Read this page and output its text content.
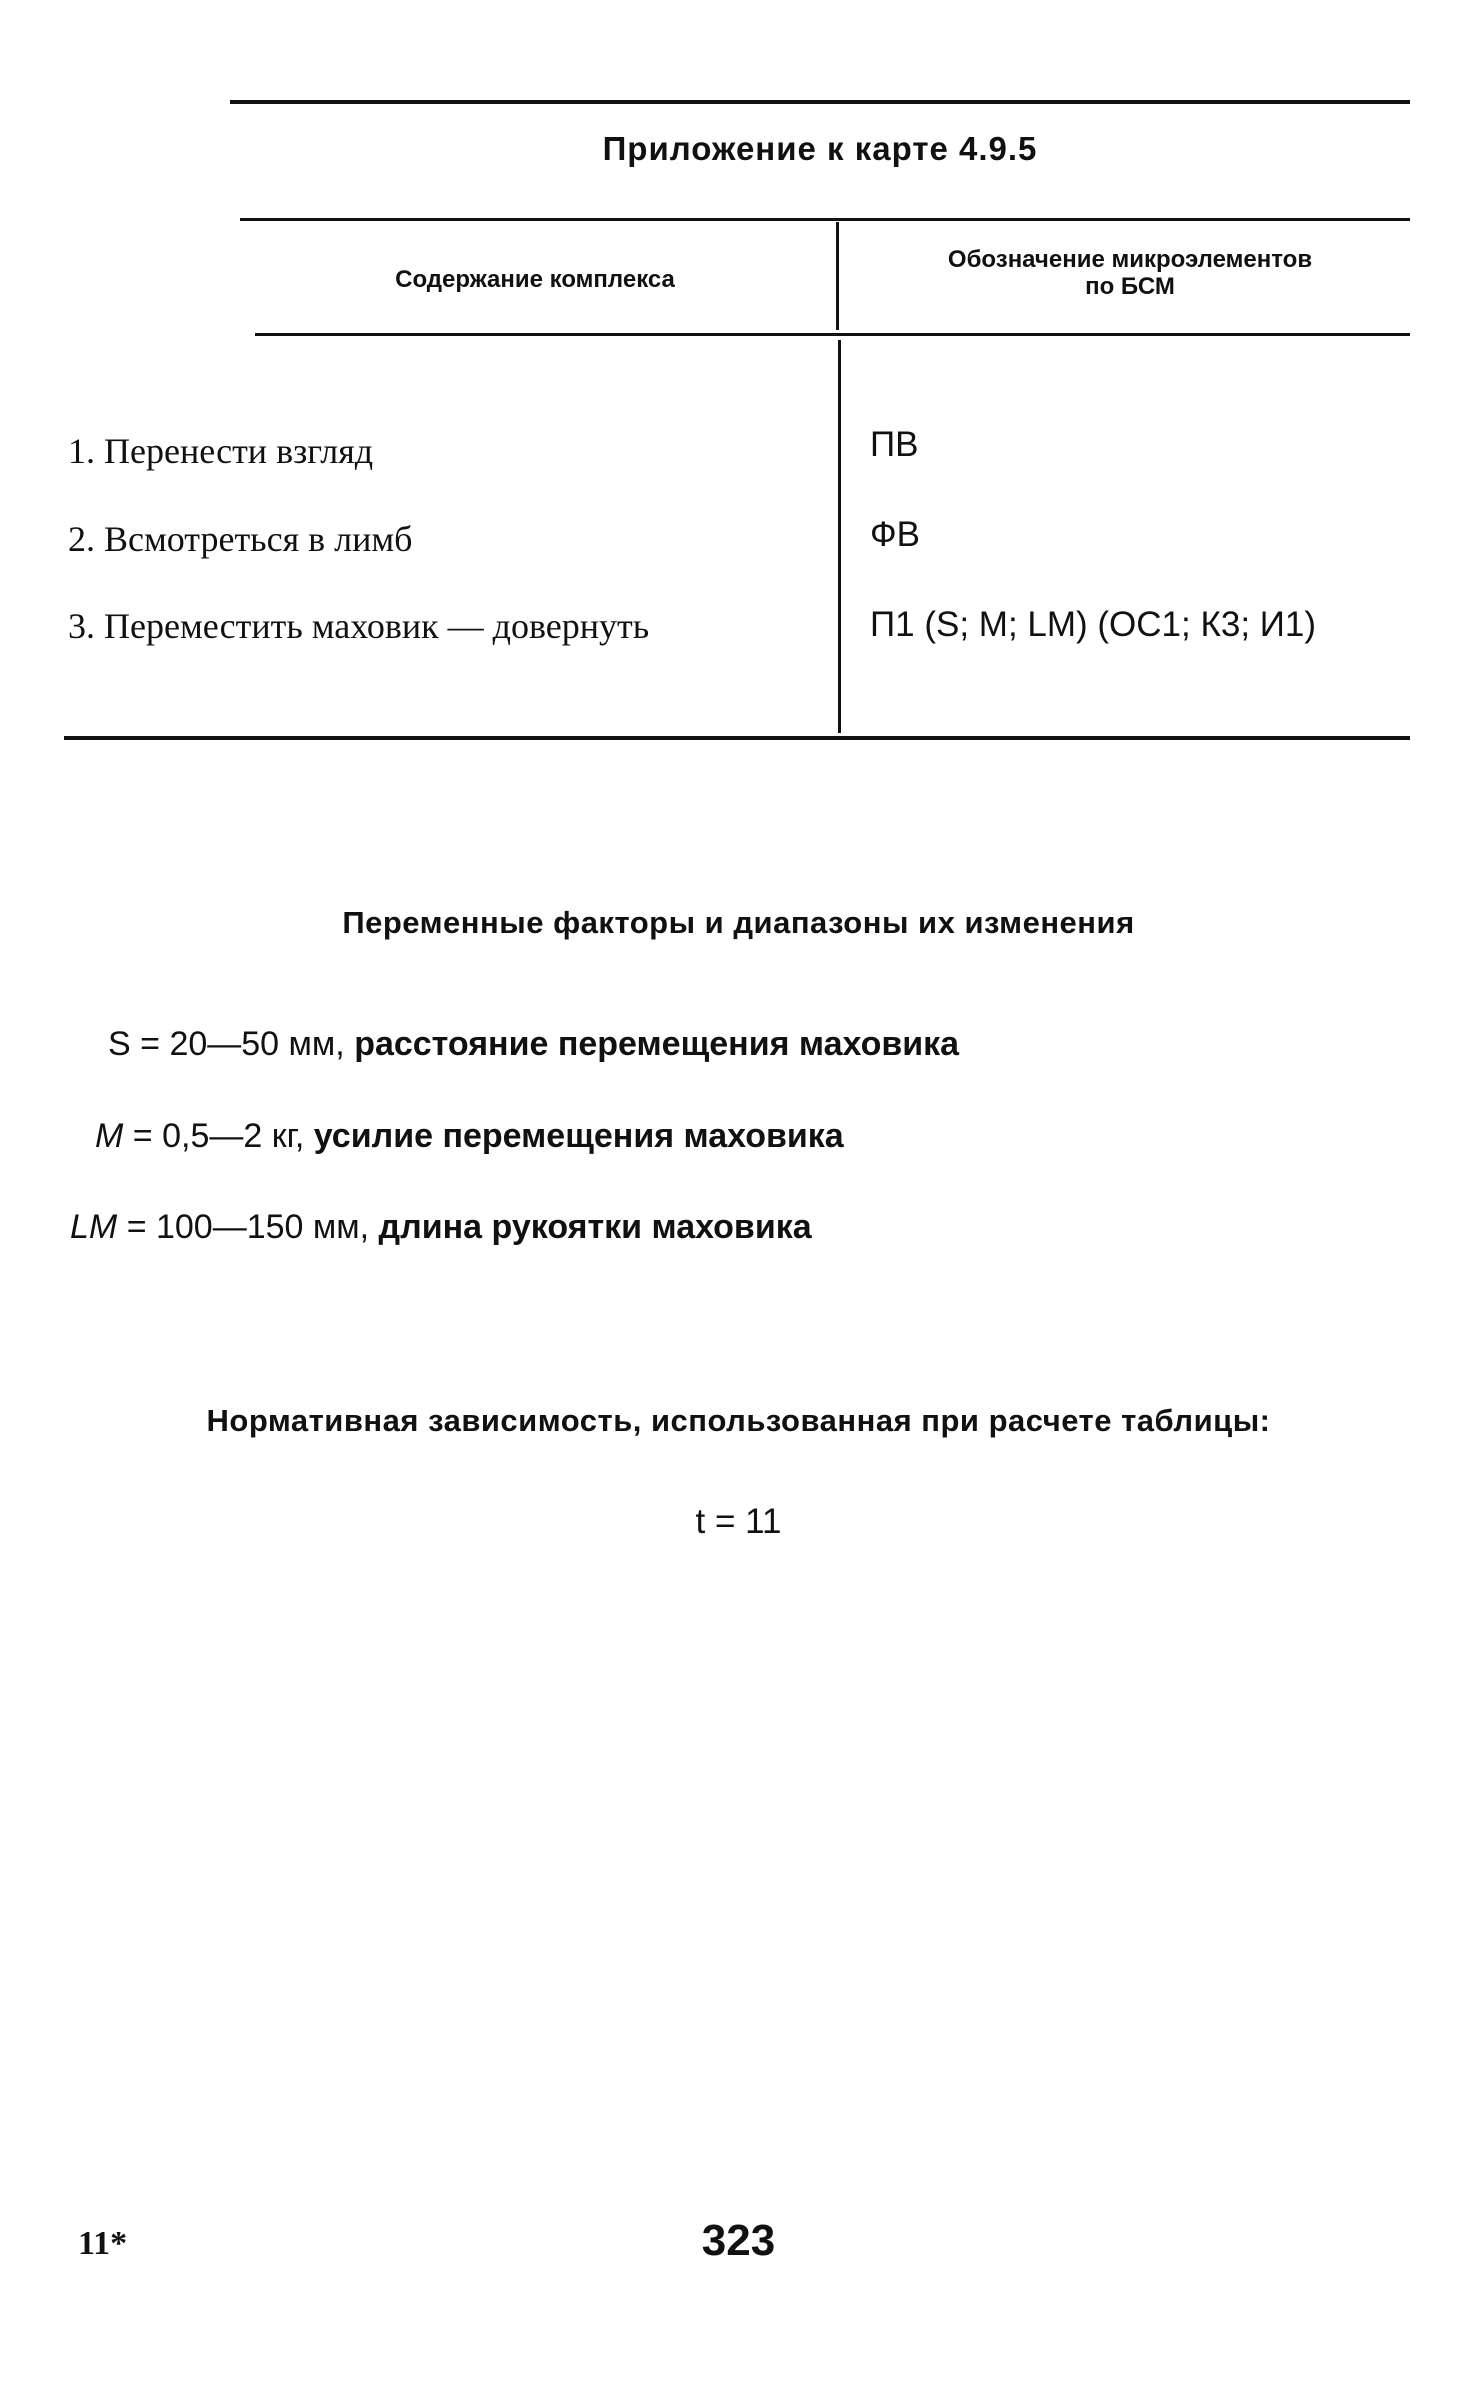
Приложение к карте 4.9.5
Содержание комплекса
Обозначение микроэлементов
по БСМ
1. Перенести взгляд	ПВ
2. Всмотреться в лимб	ФВ
3. Переместить маховик — довернуть	П1 (S; M; LM) (ОС1; К3; И1)
Переменные факторы и диапазоны их изменения
S = 20—50 мм, расстояние перемещения маховика
M = 0,5—2 кг, усилие перемещения маховика
LM = 100—150 мм, длина рукоятки маховика
Нормативная зависимость, использованная при расчете таблицы:
t = 11
11*	323
